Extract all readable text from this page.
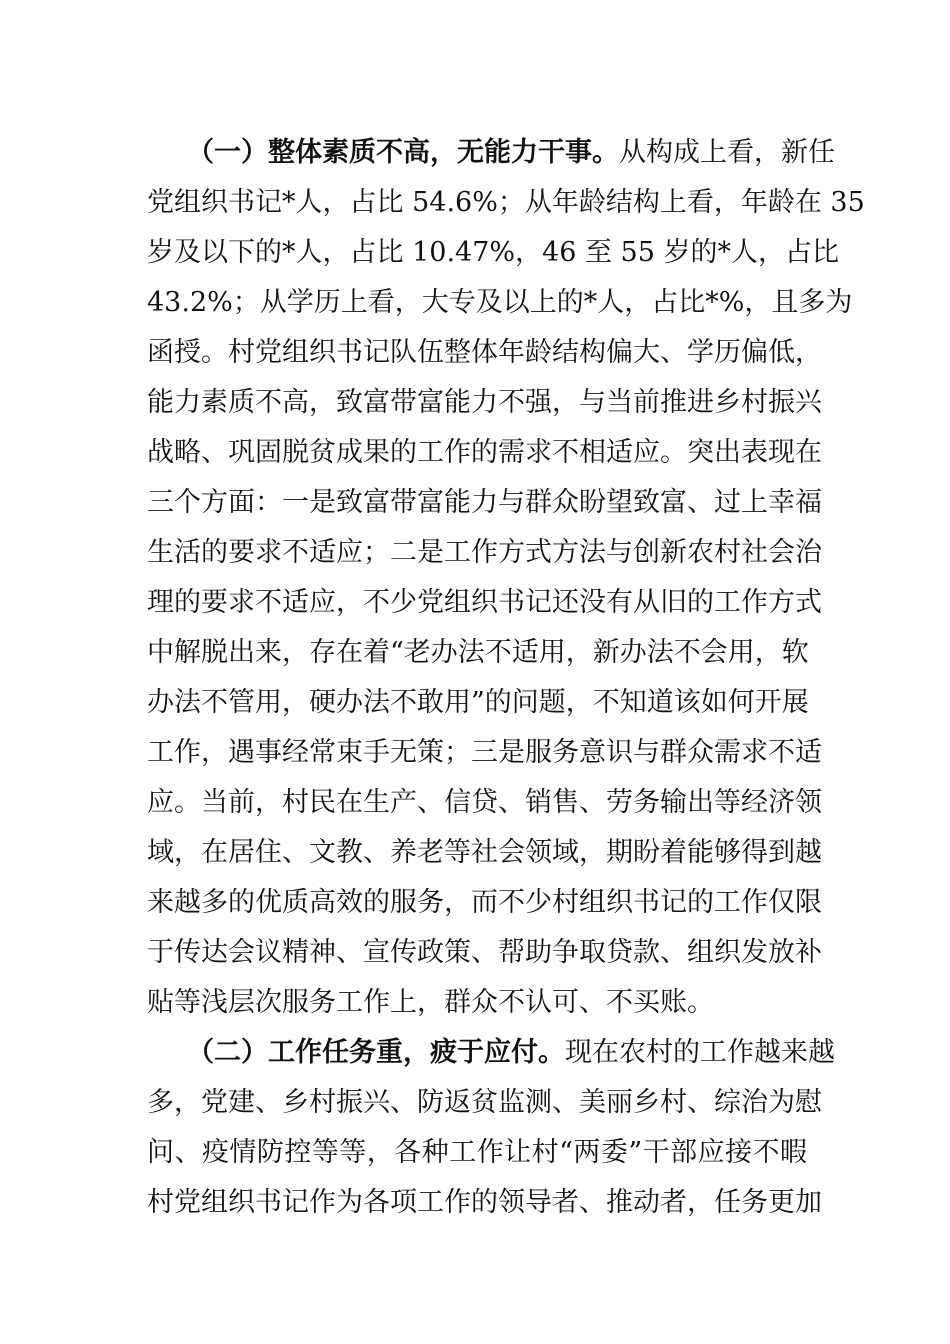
（一）整体素质不高，无能力干事。从构成上看，新任
党组织书记*人，占比 54.6%；从年龄结构上看，年龄在 35
岁及以下的*人，占比 10.47%，46 至 55 岁的*人，占比
43.2%；从学历上看，大专及以上的*人，占比*%，且多为
函授。村党组织书记队伍整体年龄结构偏大、学历偏低，
能力素质不高，致富带富能力不强，与当前推进乡村振兴
战略、巩固脱贫成果的工作的需求不相适应。突出表现在
三个方面：一是致富带富能力与群众盼望致富、过上幸福
生活的要求不适应；二是工作方式方法与创新农村社会治
理的要求不适应，不少党组织书记还没有从旧的工作方式
中解脱出来，存在着“老办法不适用，新办法不会用，软
办法不管用，硬办法不敢用”的问题，不知道该如何开展
工作，遇事经常束手无策；三是服务意识与群众需求不适
应。当前，村民在生产、信贷、销售、劳务输出等经济领
域，在居住、文教、养老等社会领域，期盼着能够得到越
来越多的优质高效的服务，而不少村组织书记的工作仅限
于传达会议精神、宣传政策、帮助争取贷款、组织发放补
贴等浅层次服务工作上，群众不认可、不买账。
（二）工作任务重，疲于应付。现在农村的工作越来越
多，党建、乡村振兴、防返贫监测、美丽乡村、综治为慰
问、疫情防控等等，各种工作让村“两委”干部应接不暇
村党组织书记作为各项工作的领导者、推动者，任务更加
